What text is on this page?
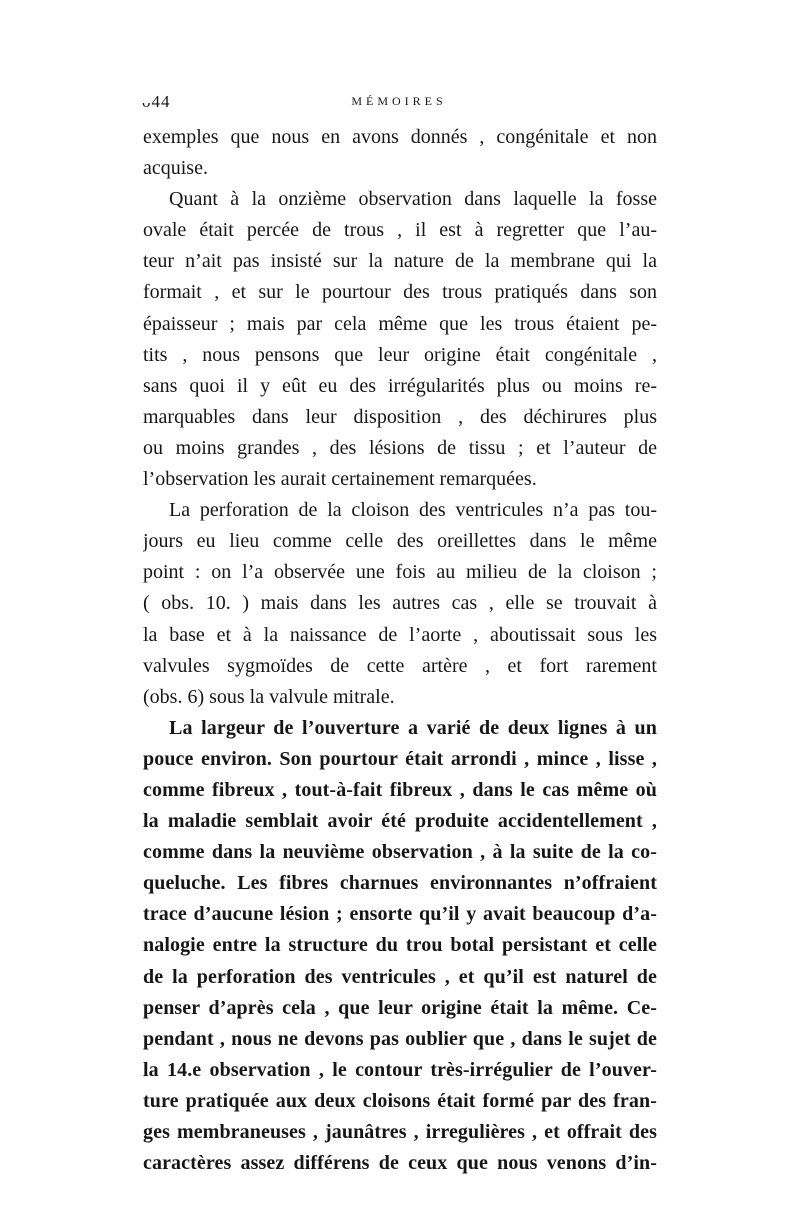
ᴗ44	MÉMOIRES
exemples que nous en avons donnés , congénitale et non
acquise.
Quant à la onzième observation dans laquelle la fosse
ovale était percée de trous , il est à regretter que l’au-
teur n’ait pas insisté sur la nature de la membrane qui la
formait , et sur le pourtour des trous pratiqués dans son
épaisseur ; mais par cela même que les trous étaient pe-
tits , nous pensons que leur origine était congénitale ,
sans quoi il y eût eu des irrégularités plus ou moins re-
marquables dans leur disposition , des déchirures plus
ou moins grandes , des lésions de tissu ; et l’auteur de
l’observation les aurait certainement remarquées.
La perforation de la cloison des ventricules n’a pas tou-
jours eu lieu comme celle des oreillettes dans le même
point : on l’a observée une fois au milieu de la cloison ;
( obs. 10. ) mais dans les autres cas , elle se trouvait à
la base et à la naissance de l’aorte , aboutissait sous les
valvules sygmoïdes de cette artère , et fort rarement
(obs. 6) sous la valvule mitrale.
La largeur de l’ouverture a varié de deux lignes à un
pouce environ. Son pourtour était arrondi , mince , lisse ,
comme fibreux , tout-à-fait fibreux , dans le cas même où
la maladie semblait avoir été produite accidentellement ,
comme dans la neuvième observation , à la suite de la co-
queluche. Les fibres charnues environnantes n’offraient
trace d’aucune lésion ; ensorte qu’il y avait beaucoup d’a-
nalogie entre la structure du trou botal persistant et celle
de la perforation des ventricules , et qu’il est naturel de
penser d’après cela , que leur origine était la même. Ce-
pendant , nous ne devons pas oublier que , dans le sujet de
la 14.e observation , le contour très-irrégulier de l’ouver-
ture pratiquée aux deux cloisons était formé par des fran-
ges membraneuses , jaunâtres , irregulières , et offrait des
caractères assez différens de ceux que nous venons d’in-
